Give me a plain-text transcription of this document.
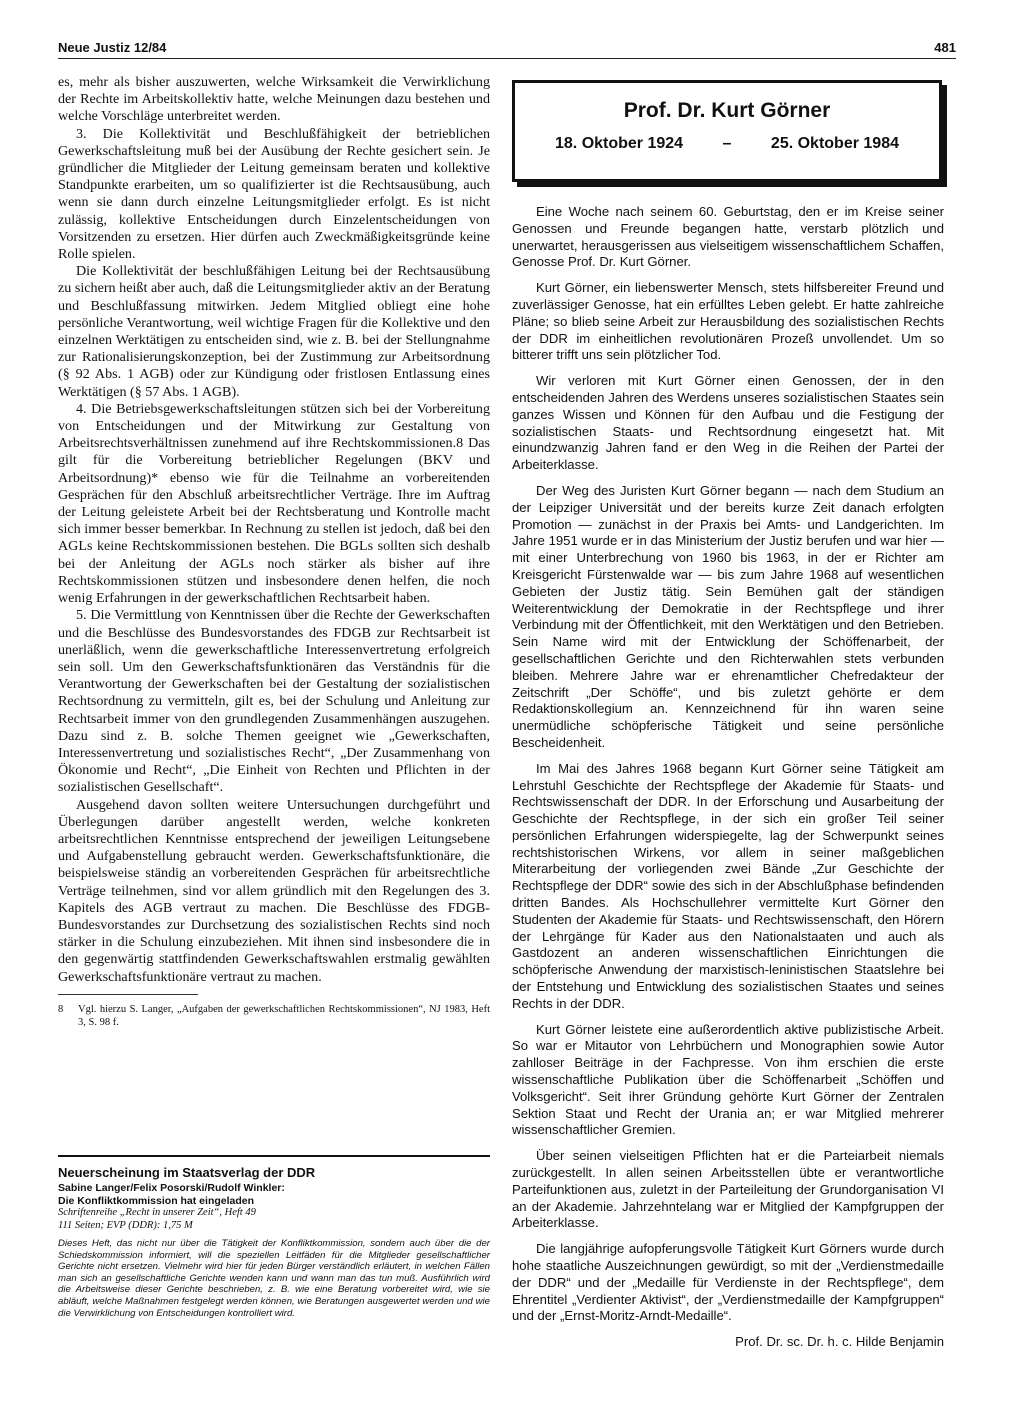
Neue Justiz 12/84	481

es, mehr als bisher auszuwerten, welche Wirksamkeit die Verwirklichung der Rechte im Arbeitskollektiv hatte, welche Meinungen dazu bestehen und welche Vorschläge unterbreitet werden.

3. Die Kollektivität und Beschlußfähigkeit der betrieblichen Gewerkschaftsleitung muß bei der Ausübung der Rechte gesichert sein. Je gründlicher die Mitglieder der Leitung gemeinsam beraten und kollektive Standpunkte erarbeiten, um so qualifizierter ist die Rechtsausübung, auch wenn sie dann durch einzelne Leitungsmitglieder erfolgt. Es ist nicht zulässig, kollektive Entscheidungen durch Einzelentscheidungen von Vorsitzenden zu ersetzen. Hier dürfen auch Zweckmäßigkeitsgründe keine Rolle spielen.

Die Kollektivität der beschlußfähigen Leitung bei der Rechtsausübung zu sichern heißt aber auch, daß die Leitungsmitglieder aktiv an der Beratung und Beschlußfassung mitwirken. Jedem Mitglied obliegt eine hohe persönliche Verantwortung, weil wichtige Fragen für die Kollektive und den einzelnen Werktätigen zu entscheiden sind, wie z. B. bei der Stellungnahme zur Rationalisierungskonzeption, bei der Zustimmung zur Arbeitsordnung (§ 92 Abs. 1 AGB) oder zur Kündigung oder fristlosen Entlassung eines Werktätigen (§ 57 Abs. 1 AGB).

4. Die Betriebsgewerkschaftsleitungen stützen sich bei der Vorbereitung von Entscheidungen und der Mitwirkung zur Gestaltung von Arbeitsrechtsverhältnissen zunehmend auf ihre Rechtskommissionen.8 Das gilt für die Vorbereitung betrieblicher Regelungen (BKV und Arbeitsordnung)* ebenso wie für die Teilnahme an vorbereitenden Gesprächen für den Abschluß arbeitsrechtlicher Verträge. Ihre im Auftrag der Leitung geleistete Arbeit bei der Rechtsberatung und Kontrolle macht sich immer besser bemerkbar. In Rechnung zu stellen ist jedoch, daß bei den AGLs keine Rechtskommissionen bestehen. Die BGLs sollten sich deshalb bei der Anleitung der AGLs noch stärker als bisher auf ihre Rechtskommissionen stützen und insbesondere denen helfen, die noch wenig Erfahrungen in der gewerkschaftlichen Rechtsarbeit haben.

5. Die Vermittlung von Kenntnissen über die Rechte der Gewerkschaften und die Beschlüsse des Bundesvorstandes des FDGB zur Rechtsarbeit ist unerläßlich, wenn die gewerkschaftliche Interessenvertretung erfolgreich sein soll. Um den Gewerkschaftsfunktionären das Verständnis für die Verantwortung der Gewerkschaften bei der Gestaltung der sozialistischen Rechtsordnung zu vermitteln, gilt es, bei der Schulung und Anleitung zur Rechtsarbeit immer von den grundlegenden Zusammenhängen auszugehen. Dazu sind z. B. solche Themen geeignet wie „Gewerkschaften, Interessenvertretung und sozialistisches Recht“, „Der Zusammenhang von Ökonomie und Recht“, „Die Einheit von Rechten und Pflichten in der sozialistischen Gesellschaft“.

Ausgehend davon sollten weitere Untersuchungen durchgeführt und Überlegungen darüber angestellt werden, welche konkreten arbeitsrechtlichen Kenntnisse entsprechend der jeweiligen Leitungsebene und Aufgabenstellung gebraucht werden. Gewerkschaftsfunktionäre, die beispielsweise ständig an vorbereitenden Gesprächen für arbeitsrechtliche Verträge teilnehmen, sind vor allem gründlich mit den Regelungen des 3. Kapitels des AGB vertraut zu machen. Die Beschlüsse des FDGB-Bundesvorstandes zur Durchsetzung des sozialistischen Rechts sind noch stärker in die Schulung einzubeziehen. Mit ihnen sind insbesondere die in den gegenwärtig stattfindenden Gewerkschaftswahlen erstmalig gewählten Gewerkschaftsfunktionäre vertraut zu machen.

8 Vgl. hierzu S. Langer, „Aufgaben der gewerkschaftlichen Rechtskommissionen“, NJ 1983, Heft 3, S. 98 f.
Neuerscheinung im Staatsverlag der DDR
Sabine Langer/Felix Posorski/Rudolf Winkler:
Die Konfliktkommission hat eingeladen
Schriftenreihe „Recht in unserer Zeit“, Heft 49
111 Seiten; EVP (DDR): 1,75 M
Dieses Heft, das nicht nur über die Tätigkeit der Konfliktkommission, sondern auch über die der Schiedskommission informiert, will die speziellen Leitfäden für die Mitglieder gesellschaftlicher Gerichte nicht ersetzen. Vielmehr wird hier für jeden Bürger verständlich erläutert, in welchen Fällen man sich an gesellschaftliche Gerichte wenden kann und wann man das tun muß. Ausführlich wird die Arbeitsweise dieser Gerichte beschrieben, z. B. wie eine Beratung vorbereitet wird, wie sie abläuft, welche Maßnahmen festgelegt werden können, wie Beratungen ausgewertet werden und wie die Verwirklichung von Entscheidungen kontrolliert wird.
Prof. Dr. Kurt Görner
18. Oktober 1924 – 25. Oktober 1984

Eine Woche nach seinem 60. Geburtstag, den er im Kreise seiner Genossen und Freunde begangen hatte, verstarb plötzlich und unerwartet, herausgerissen aus vielseitigem wissenschaftlichem Schaffen, Genosse Prof. Dr. Kurt Görner.

Kurt Görner, ein liebenswerter Mensch, stets hilfsbereiter Freund und zuverlässiger Genosse, hat ein erfülltes Leben gelebt. Er hatte zahlreiche Pläne; so blieb seine Arbeit zur Herausbildung des sozialistischen Rechts der DDR im einheitlichen revolutionären Prozeß unvollendet. Um so bitterer trifft uns sein plötzlicher Tod.

Wir verloren mit Kurt Görner einen Genossen, der in den entscheidenden Jahren des Werdens unseres sozialistischen Staates sein ganzes Wissen und Können für den Aufbau und die Festigung der sozialistischen Staats- und Rechtsordnung eingesetzt hat. Mit einundzwanzig Jahren fand er den Weg in die Reihen der Partei der Arbeiterklasse.

Der Weg des Juristen Kurt Görner begann — nach dem Studium an der Leipziger Universität und der bereits kurze Zeit danach erfolgten Promotion — zunächst in der Praxis bei Amts- und Landgerichten. Im Jahre 1951 wurde er in das Ministerium der Justiz berufen und war hier — mit einer Unterbrechung von 1960 bis 1963, in der er Richter am Kreisgericht Fürstenwalde war — bis zum Jahre 1968 auf wesentlichen Gebieten der Justiz tätig. Sein Bemühen galt der ständigen Weiterentwicklung der Demokratie in der Rechtspflege und ihrer Verbindung mit der Öffentlichkeit, mit den Werktätigen und den Betrieben. Sein Name wird mit der Entwicklung der Schöffenarbeit, der gesellschaftlichen Gerichte und den Richterwahlen stets verbunden bleiben. Mehrere Jahre war er ehrenamtlicher Chefredakteur der Zeitschrift „Der Schöffe“, und bis zuletzt gehörte er dem Redaktionskollegium an. Kennzeichnend für ihn waren seine unermüdliche schöpferische Tätigkeit und seine persönliche Bescheidenheit.

Im Mai des Jahres 1968 begann Kurt Görner seine Tätigkeit am Lehrstuhl Geschichte der Rechtspflege der Akademie für Staats- und Rechtswissenschaft der DDR. In der Erforschung und Ausarbeitung der Geschichte der Rechtspflege, in der sich ein großer Teil seiner persönlichen Erfahrungen widerspiegelte, lag der Schwerpunkt seines rechtshistorischen Wirkens, vor allem in seiner maßgeblichen Miterarbeitung der vorliegenden zwei Bände „Zur Geschichte der Rechtspflege der DDR“ sowie des sich in der Abschlußphase befindenden dritten Bandes. Als Hochschullehrer vermittelte Kurt Görner den Studenten der Akademie für Staats- und Rechtswissenschaft, den Hörern der Lehrgänge für Kader aus den Nationalstaaten und auch als Gastdozent an anderen wissenschaftlichen Einrichtungen die schöpferische Anwendung der marxistisch-leninistischen Staatslehre bei der Entstehung und Entwicklung des sozialistischen Staates und seines Rechts in der DDR.

Kurt Görner leistete eine außerordentlich aktive publizistische Arbeit. So war er Mitautor von Lehrbüchern und Monographien sowie Autor zahlloser Beiträge in der Fachpresse. Von ihm erschien die erste wissenschaftliche Publikation über die Schöffenarbeit „Schöffen und Volksgericht“. Seit ihrer Gründung gehörte Kurt Görner der Zentralen Sektion Staat und Recht der Urania an; er war Mitglied mehrerer wissenschaftlicher Gremien.

Über seinen vielseitigen Pflichten hat er die Parteiarbeit niemals zurückgestellt. In allen seinen Arbeitsstellen übte er verantwortliche Parteifunktionen aus, zuletzt in der Parteileitung der Grundorganisation VI an der Akademie. Jahrzehntelang war er Mitglied der Kampfgruppen der Arbeiterklasse.

Die langjährige aufopferungsvolle Tätigkeit Kurt Görners wurde durch hohe staatliche Auszeichnungen gewürdigt, so mit der „Verdienstmedaille der DDR“ und der „Medaille für Verdienste in der Rechtspflege“, dem Ehrentitel „Verdienter Aktivist“, der „Verdienstmedaille der Kampfgruppen“ und der „Ernst-Moritz-Arndt-Medaille“.

Prof. Dr. sc. Dr. h. c. Hilde Benjamin
